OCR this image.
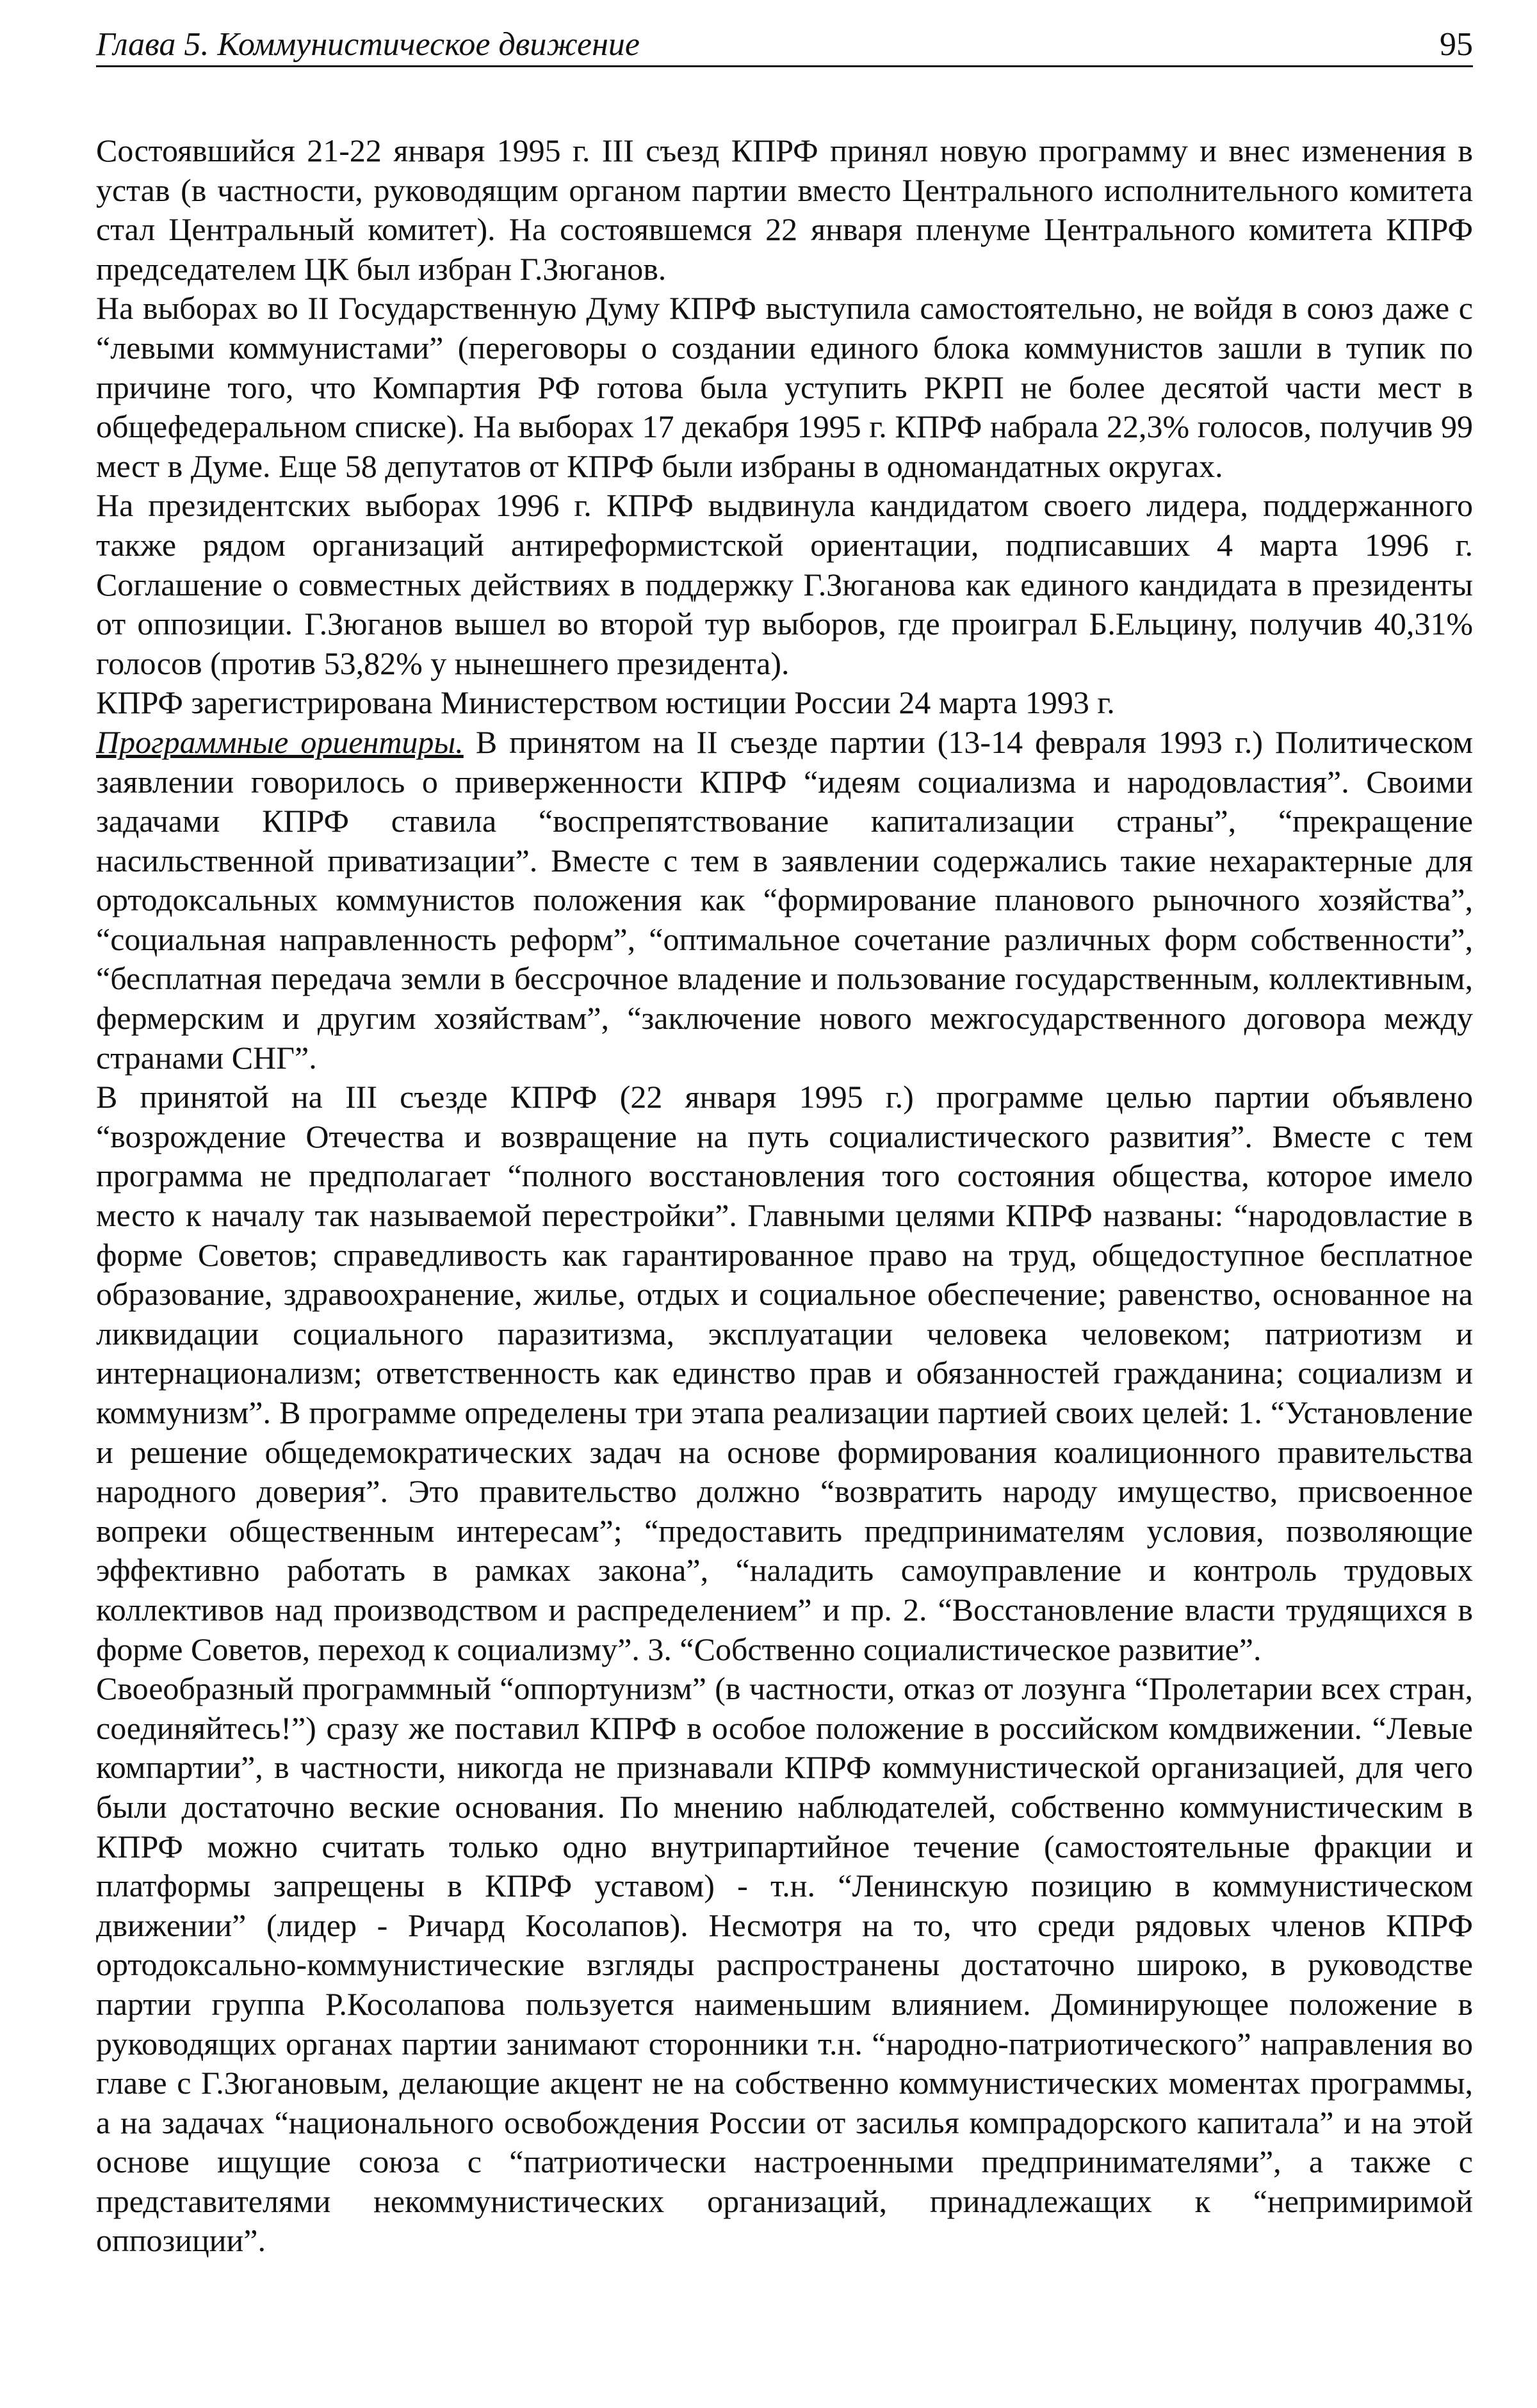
Глава 5. Коммунистическое движение	95

Состоявшийся 21-22 января 1995 г. III съезд КПРФ принял новую программу и внес изменения в устав (в частности, руководящим органом партии вместо Центрального исполнительного комитета стал Центральный комитет). На состоявшемся 22 января пленуме Центрального комитета КПРФ председателем ЦК был избран Г.Зюганов.

На выборах во II Государственную Думу КПРФ выступила самостоятельно, не войдя в союз даже с “левыми коммунистами” (переговоры о создании единого блока коммунистов зашли в тупик по причине того, что Компартия РФ готова была уступить РКРП не более десятой части мест в общефедеральном списке). На выборах 17 декабря 1995 г. КПРФ набрала 22,3% голосов, получив 99 мест в Думе. Еще 58 депутатов от КПРФ были избраны в одномандатных округах.

На президентских выборах 1996 г. КПРФ выдвинула кандидатом своего лидера, поддержанного также рядом организаций антиреформистской ориентации, подписавших 4 марта 1996 г. Соглашение о совместных действиях в поддержку Г.Зюганова как единого кандидата в президенты от оппозиции. Г.Зюганов вышел во второй тур выборов, где проиграл Б.Ельцину, получив 40,31% голосов (против 53,82% у нынешнего президента).

КПРФ зарегистрирована Министерством юстиции России 24 марта 1993 г.

Программные ориентиры. В принятом на II съезде партии (13-14 февраля 1993 г.) Политическом заявлении говорилось о приверженности КПРФ “идеям социализма и народовластия”. Своими задачами КПРФ ставила “воспрепятствование капитализации страны”, “прекращение насильственной приватизации”. Вместе с тем в заявлении содержались такие нехарактерные для ортодоксальных коммунистов положения как “формирование планового рыночного хозяйства”, “социальная направленность реформ”, “оптимальное сочетание различных форм собственности”, “бесплатная передача земли в бессрочное владение и пользование государственным, коллективным, фермерским и другим хозяйствам”, “заключение нового межгосударственного договора между странами СНГ”.

В принятой на III съезде КПРФ (22 января 1995 г.) программе целью партии объявлено “возрождение Отечества и возвращение на путь социалистического развития”. Вместе с тем программа не предполагает “полного восстановления того состояния общества, которое имело место к началу так называемой перестройки”. Главными целями КПРФ названы: “народовластие в форме Советов; справедливость как гарантированное право на труд, общедоступное бесплатное образование, здравоохранение, жилье, отдых и социальное обеспечение; равенство, основанное на ликвидации социального паразитизма, эксплуатации человека человеком; патриотизм и интернационализм; ответственность как единство прав и обязанностей гражданина; социализм и коммунизм”. В программе определены три этапа реализации партией своих целей: 1. “Установление и решение общедемократических задач на основе формирования коалиционного правительства народного доверия”. Это правительство должно “возвратить народу имущество, присвоенное вопреки общественным интересам”; “предоставить предпринимателям условия, позволяющие эффективно работать в рамках закона”, “наладить самоуправление и контроль трудовых коллективов над производством и распределением” и пр. 2. “Восстановление власти трудящихся в форме Советов, переход к социализму”. 3. “Собственно социалистическое развитие”.

Своеобразный программный “оппортунизм” (в частности, отказ от лозунга “Пролетарии всех стран, соединяйтесь!”) сразу же поставил КПРФ в особое положение в российском комдвижении. “Левые компартии”, в частности, никогда не признавали КПРФ коммунистической организацией, для чего были достаточно веские основания. По мнению наблюдателей, собственно коммунистическим в КПРФ можно считать только одно внутрипартийное течение (самостоятельные фракции и платформы запрещены в КПРФ уставом) - т.н. “Ленинскую позицию в коммунистическом движении” (лидер - Ричард Косолапов). Несмотря на то, что среди рядовых членов КПРФ ортодоксально-коммунистические взгляды распространены достаточно широко, в руководстве партии группа Р.Косолапова пользуется наименьшим влиянием. Доминирующее положение в руководящих органах партии занимают сторонники т.н. “народно-патриотического” направления во главе с Г.Зюгановым, делающие акцент не на собственно коммунистических моментах программы, а на задачах “национального освобождения России от засилья компрадорского капитала” и на этой основе ищущие союза с “патриотически настроенными предпринимателями”, а также с представителями некоммунистических организаций, принадлежащих к “непримиримой оппозиции”.
